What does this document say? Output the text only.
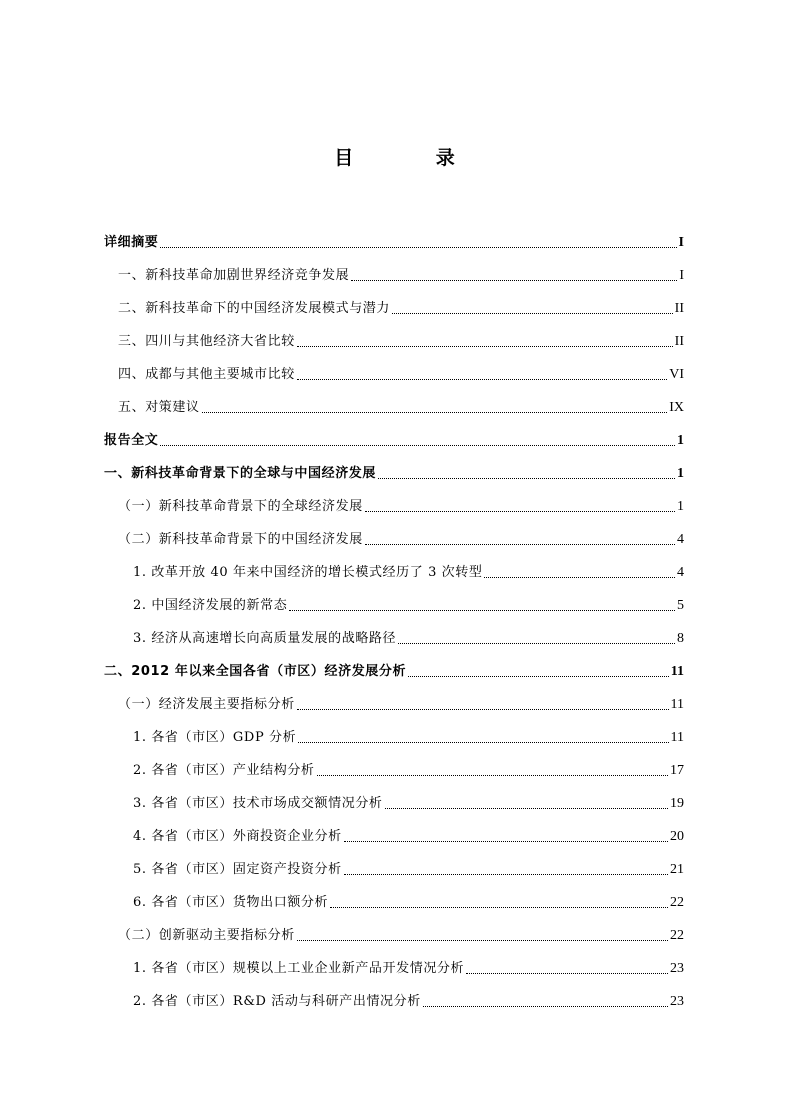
目 录
详细摘要	I
一、新科技革命加剧世界经济竞争发展	I
二、新科技革命下的中国经济发展模式与潜力	II
三、四川与其他经济大省比较	II
四、成都与其他主要城市比较	VI
五、对策建议	IX
报告全文	1
一、新科技革命背景下的全球与中国经济发展	1
（一）新科技革命背景下的全球经济发展	1
（二）新科技革命背景下的中国经济发展	4
1. 改革开放 40 年来中国经济的增长模式经历了 3 次转型	4
2. 中国经济发展的新常态	5
3. 经济从高速增长向高质量发展的战略路径	8
二、2012 年以来全国各省（市区）经济发展分析	11
（一）经济发展主要指标分析	11
1. 各省（市区）GDP 分析	11
2. 各省（市区）产业结构分析	17
3. 各省（市区）技术市场成交额情况分析	19
4. 各省（市区）外商投资企业分析	20
5. 各省（市区）固定资产投资分析	21
6. 各省（市区）货物出口额分析	22
（二）创新驱动主要指标分析	22
1. 各省（市区）规模以上工业企业新产品开发情况分析	23
2. 各省（市区）R&D 活动与科研产出情况分析	23
